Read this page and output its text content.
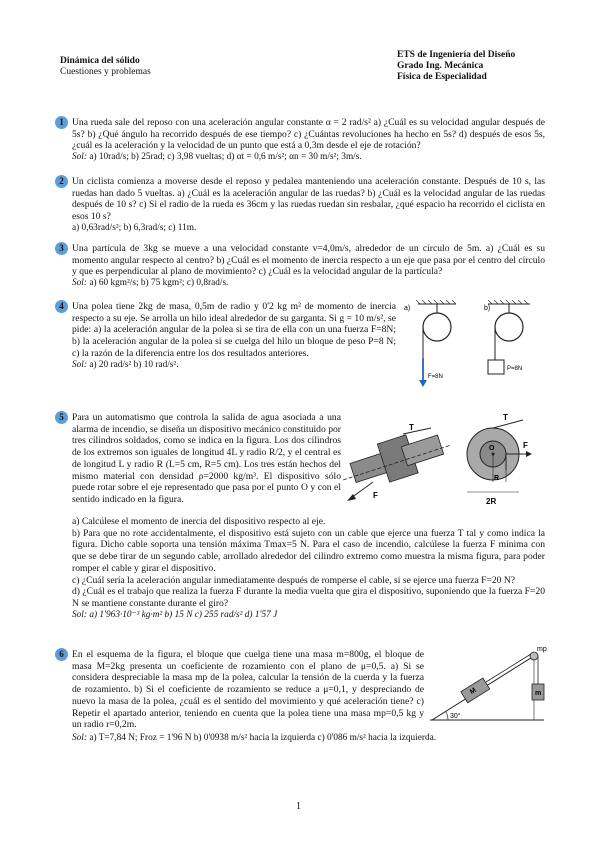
Dinámica del sólido
Cuestiones y problemas
ETS de Ingeniería del Diseño
Grado Ing. Mecánica
Física de Especialidad
1 Una rueda sale del reposo con una aceleración angular constante α = 2 rad/s² a) ¿Cuál es su velocidad angular después de 5s? b) ¿Qué ángulo ha recorrido después de ese tiempo? c) ¿Cuántas revoluciones ha hecho en 5s? d) después de esos 5s, ¿cuál es la aceleración y la velocidad de un punto que está a 0,3m desde el eje de rotación?
Sol: a) 10rad/s; b) 25rad; c) 3,98 vueltas; d) αt = 0,6 m/s²; αn = 30 m/s²; 3m/s.
2 Un ciclista comienza a moverse desde el reposo y pedalea manteniendo una aceleración constante. Después de 10 s, las ruedas han dado 5 vueltas. a) ¿Cuál es la aceleración angular de las ruedas? b) ¿Cuál es la velocidad angular de las ruedas después de 10 s? c) Si el radio de la rueda es 36cm y las ruedas ruedan sin resbalar, ¿qué espacio ha recorrido el ciclista en esos 10 s?
a) 0,63rad/s²; b) 6,3rad/s; c) 11m.
3 Una partícula de 3kg se mueve a una velocidad constante v=4,0m/s, alrededor de un círculo de 5m. a) ¿Cuál es su momento angular respecto al centro? b) ¿Cuál es el momento de inercia respecto a un eje que pasa por el centro del círculo y que es perpendicular al plano de movimiento? c) ¿Cuál es la velocidad angular de la partícula?
Sol: a) 60 kgm²/s; b) 75 kgm²; c) 0,8rad/s.
4 Una polea tiene 2kg de masa, 0,5m de radio y 0'2 kg m² de momento de inercia respecto a su eje. Se arrolla un hilo ideal alrededor de su garganta. Si g = 10 m/s², se pide: a) la aceleración angular de la polea si se tira de ella con un una fuerza F=8N; b) la aceleración angular de la polea si se cuelga del hilo un bloque de peso P=8 N; c) la razón de la diferencia entre los dos resultados anteriores.
Sol: a) 20 rad/s² b) 10 rad/s².
a)
F=8N
b)
P=8N
5 Para un automatismo que controla la salida de agua asociada a una alarma de incendio, se diseña un dispositivo mecánico constituido por tres cilindros soldados, como se indica en la figura. Los dos cilindros de los extremos son iguales de longitud 4L y radio R/2, y el central es de longitud L y radio R (L=5 cm, R=5 cm). Los tres están hechos del mismo material con densidad ρ=2000 kg/m³. El dispositivo sólo puede rotar sobre el eje representado que pasa por el punto O y con el sentido indicado en la figura.
T
F
O
T
F
R
2R
a) Calcúlese el momento de inercia del dispositivo respecto al eje.
b) Para que no rote accidentalmente, el dispositivo está sujeto con un cable que ejerce una fuerza T tal y como indica la figura. Dicho cable soporta una tensión máxima Tmax=5 N. Para el caso de incendio, calcúlese la fuerza F mínima con que se debe tirar de un segundo cable, arrollado alrededor del cilindro extremo como muestra la misma figura, para poder romper el cable y girar el dispositivo.
c) ¿Cuál sería la aceleración angular inmediatamente después de romperse el cable, si se ejerce una fuerza F=20 N?
d) ¿Cuál es el trabajo que realiza la fuerza F durante la media vuelta que gira el dispositivo, suponiendo que la fuerza F=20 N se mantiene constante durante el giro?
Sol: a) 1'963·10⁻³ kg·m² b) 15 N c) 255 rad/s² d) 1'57 J
6 En el esquema de la figura, el bloque que cuelga tiene una masa m=800g, el bloque de masa M=2kg presenta un coeficiente de rozamiento con el plano de μ=0,5. a) Si se considera despreciable la masa mp de la polea, calcular la tensión de la cuerda y la fuerza de rozamiento. b) Si el coeficiente de rozamiento se reduce a μ=0,1, y despreciando de nuevo la masa de la polea, ¿cuál es el sentido del movimiento y qué aceleración tiene? c) Repetir el apartado anterior, teniendo en cuenta que la polea tiene una masa mp=0,5 kg y un radio r=0,2m.
Sol: a) T=7,84 N; Froz = 1'96 N b) 0'0938 m/s² hacia la izquierda c) 0'086 m/s² hacia la izquierda.
30°
M
mp
m
1
